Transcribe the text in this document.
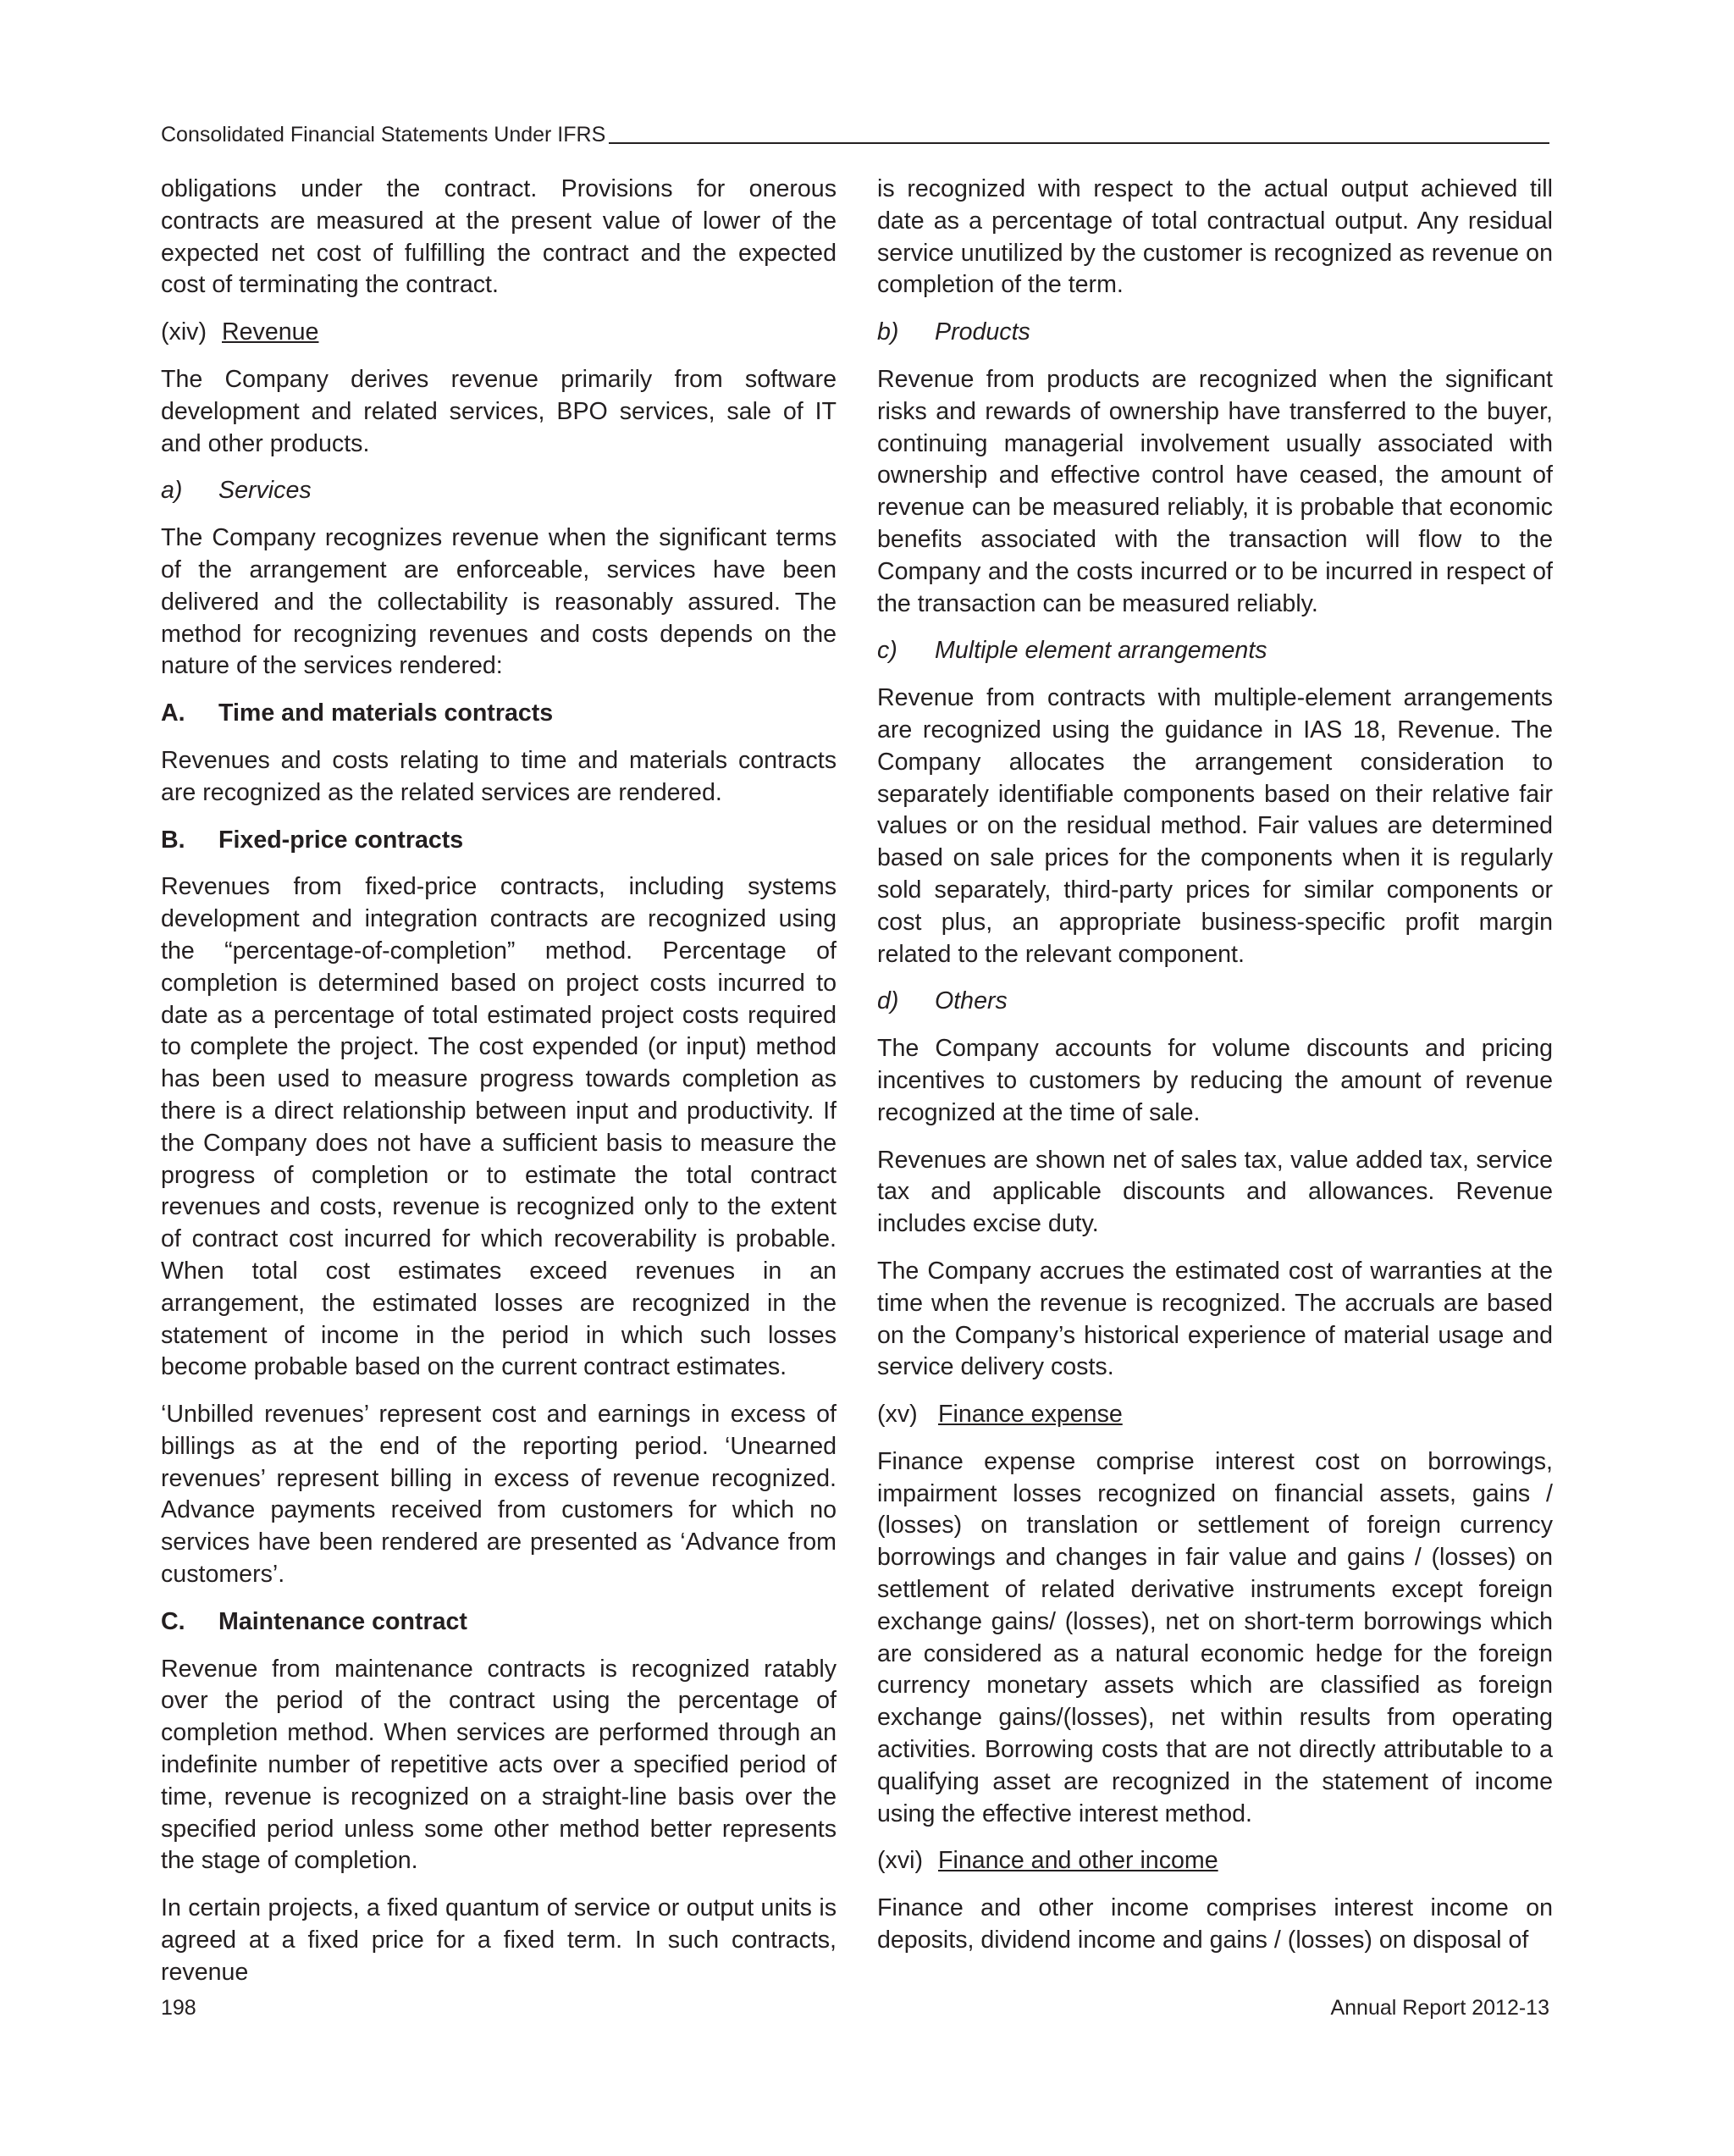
Consolidated Financial Statements Under IFRS

obligations under the contract. Provisions for onerous contracts are measured at the present value of lower of the expected net cost of fulfilling the contract and the expected cost of terminating the contract.

(xiv) Revenue

The Company derives revenue primarily from software development and related services, BPO services, sale of IT and other products.

a)	Services

The Company recognizes revenue when the significant terms of the arrangement are enforceable, services have been delivered and the collectability is reasonably assured. The method for recognizing revenues and costs depends on the nature of the services rendered:

A.	Time and materials contracts

Revenues and costs relating to time and materials contracts are recognized as the related services are rendered.

B.	Fixed-price contracts

Revenues from fixed-price contracts, including systems development and integration contracts are recognized using the “percentage-of-completion” method. Percentage of completion is determined based on project costs incurred to date as a percentage of total estimated project costs required to complete the project. The cost expended (or input) method has been used to measure progress towards completion as there is a direct relationship between input and productivity. If the Company does not have a sufficient basis to measure the progress of completion or to estimate the total contract revenues and costs, revenue is recognized only to the extent of contract cost incurred for which recoverability is probable. When total cost estimates exceed revenues in an arrangement, the estimated losses are recognized in the statement of income in the period in which such losses become probable based on the current contract estimates.

‘Unbilled revenues’ represent cost and earnings in excess of billings as at the end of the reporting period. ‘Unearned revenues’ represent billing in excess of revenue recognized. Advance payments received from customers for which no services have been rendered are presented as ‘Advance from customers’.

C.	Maintenance contract

Revenue from maintenance contracts is recognized ratably over the period of the contract using the percentage of completion method. When services are performed through an indefinite number of repetitive acts over a specified period of time, revenue is recognized on a straight-line basis over the specified period unless some other method better represents the stage of completion.

In certain projects, a fixed quantum of service or output units is agreed at a fixed price for a fixed term. In such contracts, revenue

is recognized with respect to the actual output achieved till date as a percentage of total contractual output. Any residual service unutilized by the customer is recognized as revenue on completion of the term.

b)	Products

Revenue from products are recognized when the significant risks and rewards of ownership have transferred to the buyer, continuing managerial involvement usually associated with ownership and effective control have ceased, the amount of revenue can be measured reliably, it is probable that economic benefits associated with the transaction will flow to the Company and the costs incurred or to be incurred in respect of the transaction can be measured reliably.

c)	Multiple element arrangements

Revenue from contracts with multiple-element arrangements are recognized using the guidance in IAS 18, Revenue. The Company allocates the arrangement consideration to separately identifiable components based on their relative fair values or on the residual method. Fair values are determined based on sale prices for the components when it is regularly sold separately, third-party prices for similar components or cost plus, an appropriate business-specific profit margin related to the relevant component.

d)	Others

The Company accounts for volume discounts and pricing incentives to customers by reducing the amount of revenue recognized at the time of sale.

Revenues are shown net of sales tax, value added tax, service tax and applicable discounts and allowances. Revenue includes excise duty.

The Company accrues the estimated cost of warranties at the time when the revenue is recognized. The accruals are based on the Company’s historical experience of material usage and service delivery costs.

(xv) Finance expense

Finance expense comprise interest cost on borrowings, impairment losses recognized on financial assets, gains / (losses) on translation or settlement of foreign currency borrowings and changes in fair value and gains / (losses) on settlement of related derivative instruments except foreign exchange gains/ (losses), net on short-term borrowings which are considered as a natural economic hedge for the foreign currency monetary assets which are classified as foreign exchange gains/(losses), net within results from operating activities. Borrowing costs that are not directly attributable to a qualifying asset are recognized in the statement of income using the effective interest method.

(xvi) Finance and other income

Finance and other income comprises interest income on deposits, dividend income and gains / (losses) on disposal of

198	Annual Report 2012-13
